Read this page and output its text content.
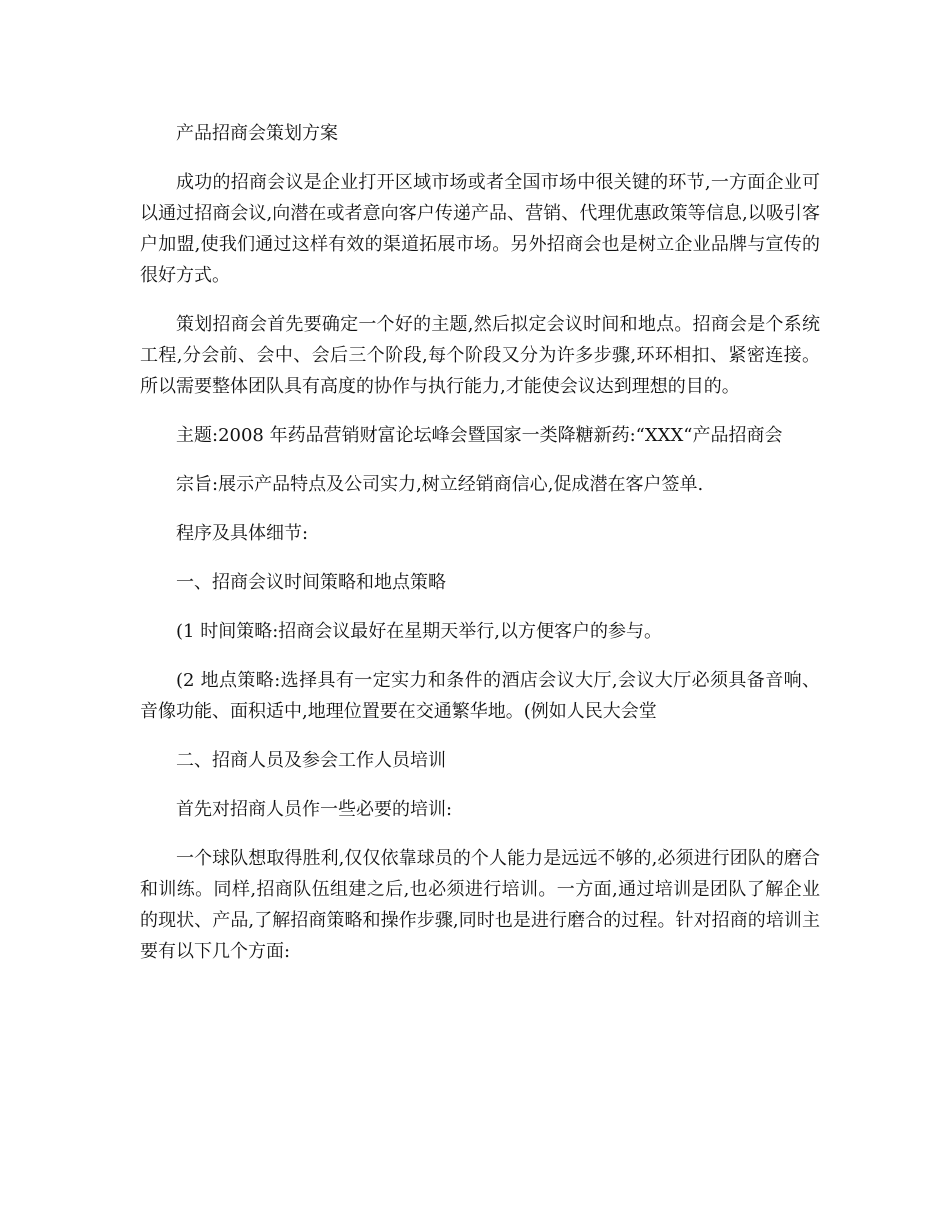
产品招商会策划方案

成功的招商会议是企业打开区域市场或者全国市场中很关键的环节,一方面企业可以通过招商会议,向潜在或者意向客户传递产品、营销、代理优惠政策等信息,以吸引客户加盟,使我们通过这样有效的渠道拓展市场。另外招商会也是树立企业品牌与宣传的很好方式。

策划招商会首先要确定一个好的主题,然后拟定会议时间和地点。招商会是个系统工程,分会前、会中、会后三个阶段,每个阶段又分为许多步骤,环环相扣、紧密连接。所以需要整体团队具有高度的协作与执行能力,才能使会议达到理想的目的。

主题:2008 年药品营销财富论坛峰会暨国家一类降糖新药:“XXX“产品招商会

宗旨:展示产品特点及公司实力,树立经销商信心,促成潜在客户签单.

程序及具体细节:

一、招商会议时间策略和地点策略

(1 时间策略:招商会议最好在星期天举行,以方便客户的参与。

(2 地点策略:选择具有一定实力和条件的酒店会议大厅,会议大厅必须具备音响、音像功能、面积适中,地理位置要在交通繁华地。(例如人民大会堂

二、招商人员及参会工作人员培训

首先对招商人员作一些必要的培训:

一个球队想取得胜利,仅仅依靠球员的个人能力是远远不够的,必须进行团队的磨合和训练。同样,招商队伍组建之后,也必须进行培训。一方面,通过培训是团队了解企业的现状、产品,了解招商策略和操作步骤,同时也是进行磨合的过程。针对招商的培训主要有以下几个方面:
